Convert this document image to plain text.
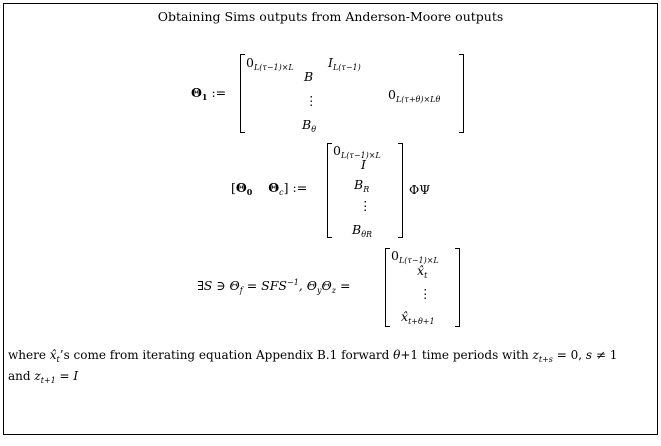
Obtaining Sims outputs from Anderson-Moore outputs
$\Theta_1$ :=
$0_{L(\tau-1)\times L}$	$I_{L(\tau-1)}$
B
⋮
$B_\theta$
$0_{L(\tau+\theta)\times L\theta}$
[$\Theta_0$ $\Theta_c$] :=
$0_{L(\tau-1)\times L}$
I
$B_R$
⋮
$B_{\theta R}$
ΦΨ
∃S ∋ $\Theta_f = SFS^{-1}$, $\Theta_y\Theta_z$ =
$0_{L(\tau-1)\times L}$
$x̂_t$
⋮
$x̂_{t+\theta+1}$
where $x̂_t’s$ come from iterating equation Appendix B.1 forward θ+1 time periods with $z_{t+s} = 0$, s ≠ 1
and $z_{t+1} = I$
